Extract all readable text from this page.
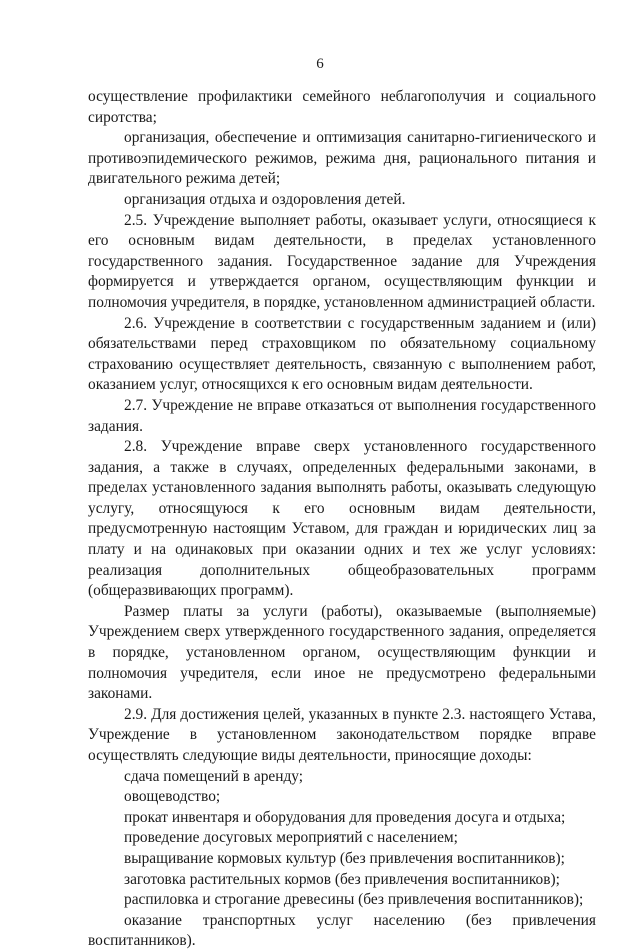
6

осуществление профилактики семейного неблагополучия и социального сиротства;

организация, обеспечение и оптимизация санитарно-гигиенического и противоэпидемического режимов, режима дня, рационального питания и двигательного режима детей;

организация отдыха и оздоровления детей.

2.5. Учреждение выполняет работы, оказывает услуги, относящиеся к его основным видам деятельности, в пределах установленного государственного задания. Государственное задание для Учреждения формируется и утверждается органом, осуществляющим функции и полномочия учредителя, в порядке, установленном администрацией области.

2.6. Учреждение в соответствии с государственным заданием и (или) обязательствами перед страховщиком по обязательному социальному страхованию осуществляет деятельность, связанную с выполнением работ, оказанием услуг, относящихся к его основным видам деятельности.

2.7. Учреждение не вправе отказаться от выполнения государственного задания.

2.8. Учреждение вправе сверх установленного государственного задания, а также в случаях, определенных федеральными законами, в пределах установленного задания выполнять работы, оказывать следующую услугу, относящуюся к его основным видам деятельности, предусмотренную настоящим Уставом, для граждан и юридических лиц за плату и на одинаковых при оказании одних и тех же услуг условиях: реализация дополнительных общеобразовательных программ (общеразвивающих программ).

Размер платы за услуги (работы), оказываемые (выполняемые) Учреждением сверх утвержденного государственного задания, определяется в порядке, установленном органом, осуществляющим функции и полномочия учредителя, если иное не предусмотрено федеральными законами.

2.9. Для достижения целей, указанных в пункте 2.3. настоящего Устава, Учреждение в установленном законодательством порядке вправе осуществлять следующие виды деятельности, приносящие доходы:

сдача помещений в аренду;

овощеводство;

прокат инвентаря и оборудования для проведения досуга и отдыха;

проведение досуговых мероприятий с населением;

выращивание кормовых культур (без привлечения воспитанников);

заготовка растительных кормов (без привлечения воспитанников);

распиловка и строгание древесины (без привлечения воспитанников);

оказание транспортных услуг населению (без привлечения воспитанников).
